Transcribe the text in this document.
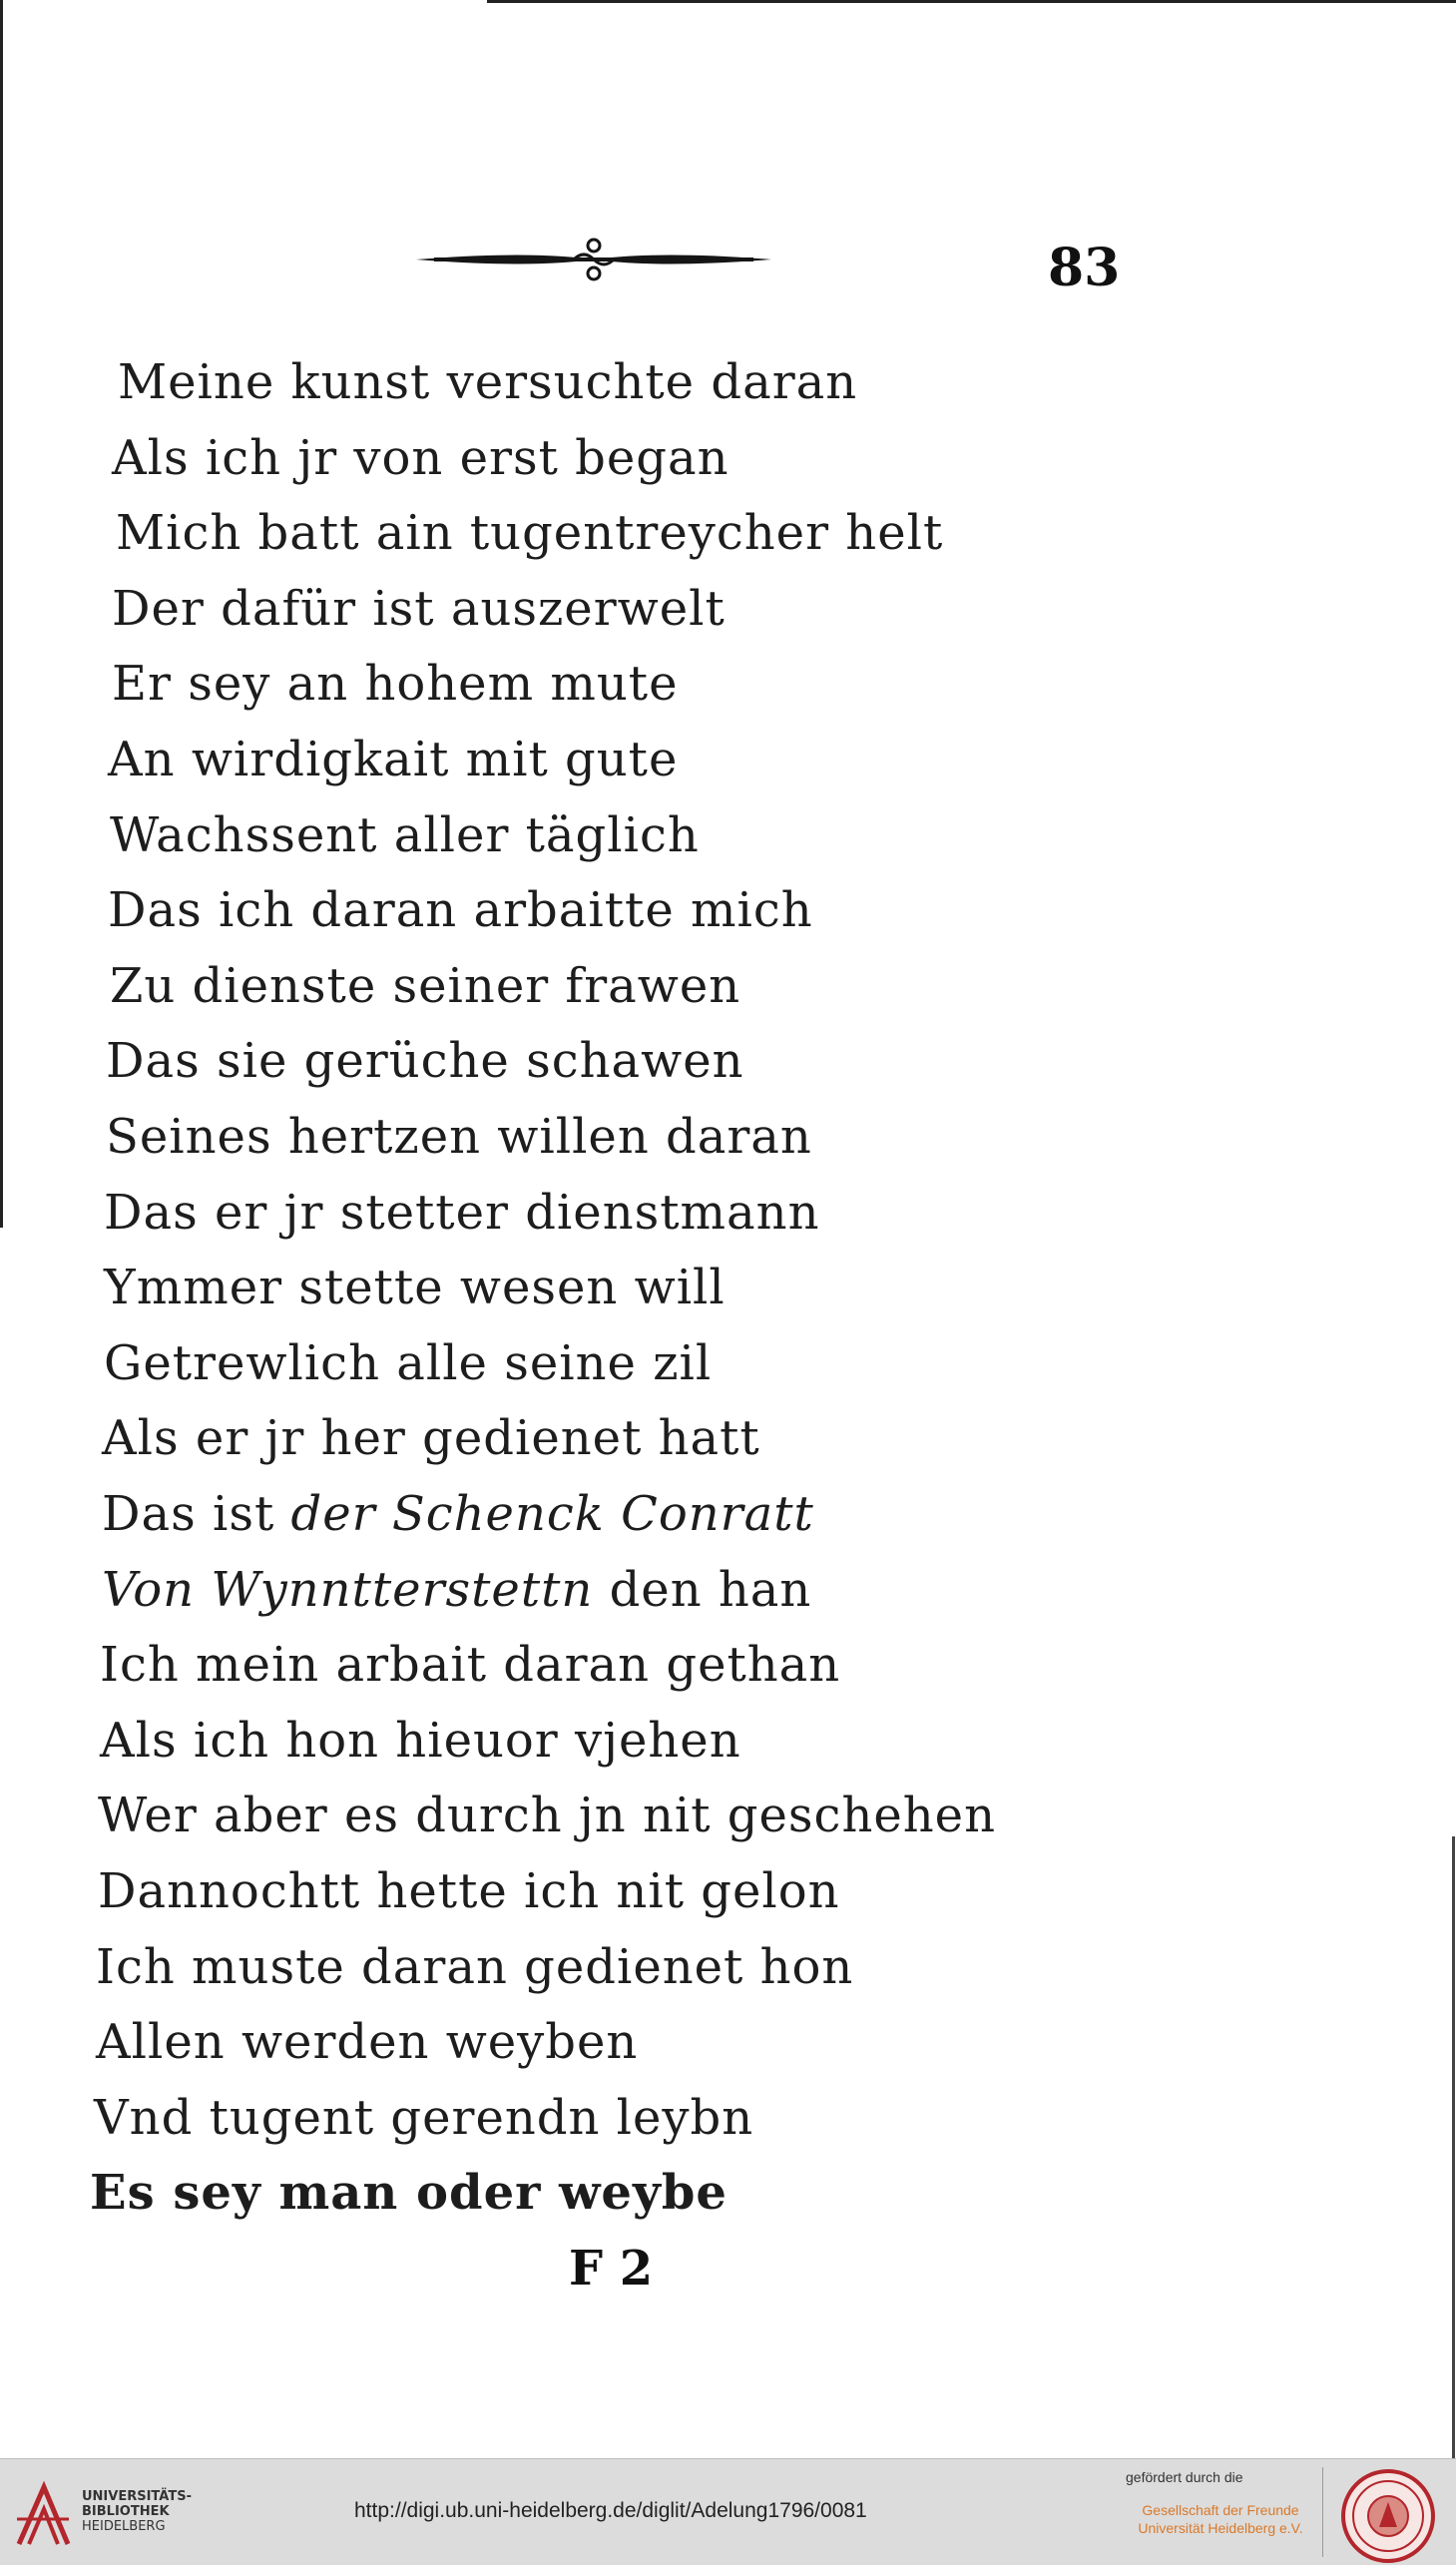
83
Meine kunst versuchte daran
Als ich jr von erst began
Mich batt ain tugentreycher helt
Der dafür ist auszerwelt
Er sey an hohem mute
An wirdigkait mit gute
Wachssent aller täglich
Das ich daran arbaitte mich
Zu dienste seiner frawen
Das sie gerüche schawen
Seines hertzen willen daran
Das er jr stetter dienstmann
Ymmer stette wesen will
Getrewlich alle seine zil
Als er jr her gedienet hatt
Das ist der Schenck Conratt
Von Wynntterstettn den han
Ich mein arbait daran gethan
Als ich hon hieuor vjehen
Wer aber es durch jn nit geschehen
Dannochtt hette ich nit gelon
Ich muste daran gedienet hon
Allen werden weyben
Vnd tugent gerendn leybn
Es sey man oder weybe
F 2
UNIVERSITÄTS-
BIBLIOTHEK
HEIDELBERG
http://digi.ub.uni-heidelberg.de/diglit/Adelung1796/0081
gefördert durch die
Gesellschaft der Freunde
Universität Heidelberg e.V.
